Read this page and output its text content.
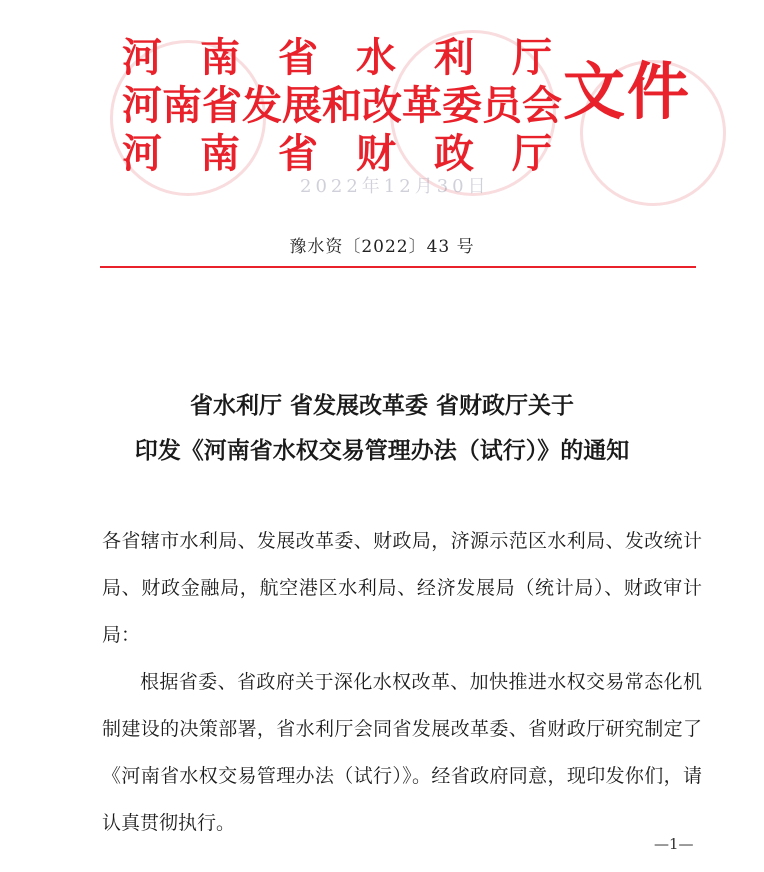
2022年12月30日
河 南 省 水 利 厅
河南省发展和改革委员会
河 南 省 财 政 厅
文件
豫水资〔2022〕43 号
省水利厅 省发展改革委 省财政厅关于
印发《河南省水权交易管理办法（试行）》的通知
各省辖市水利局、发展改革委、财政局，济源示范区水利局、发改统计局、财政金融局，航空港区水利局、经济发展局（统计局）、财政审计局：
根据省委、省政府关于深化水权改革、加快推进水权交易常态化机制建设的决策部署，省水利厅会同省发展改革委、省财政厅研究制定了《河南省水权交易管理办法（试行）》。经省政府同意，现印发你们，请认真贯彻执行。
—1—
